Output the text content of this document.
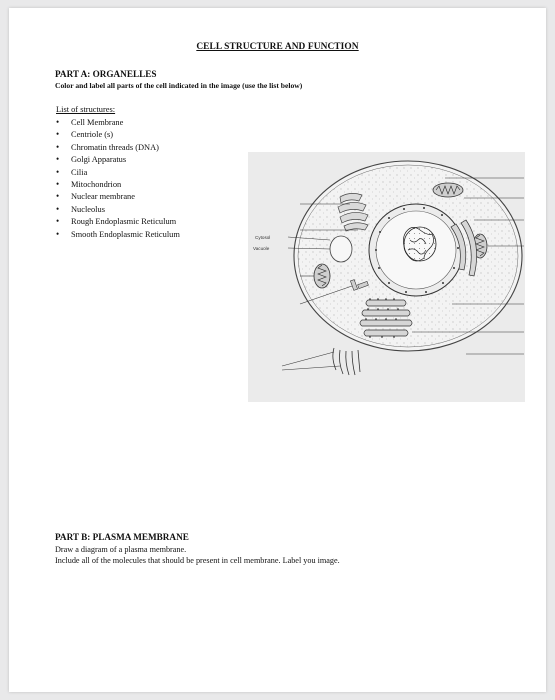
CELL STRUCTURE AND FUNCTION
PART A: ORGANELLES
Color and label all parts of the cell indicated in the image (use the list below)
List of structures:
• Cell Membrane
• Centriole (s)
• Chromatin threads (DNA)
• Golgi Apparatus
• Cilia
• Mitochondrion
• Nuclear membrane
• Nucleolus
• Rough Endoplasmic Reticulum
• Smooth Endoplasmic Reticulum	Cytosol
Vacuole
PART B: PLASMA MEMBRANE
Draw a diagram of a plasma membrane.
Include all of the molecules that should be present in cell membrane. Label you image.
